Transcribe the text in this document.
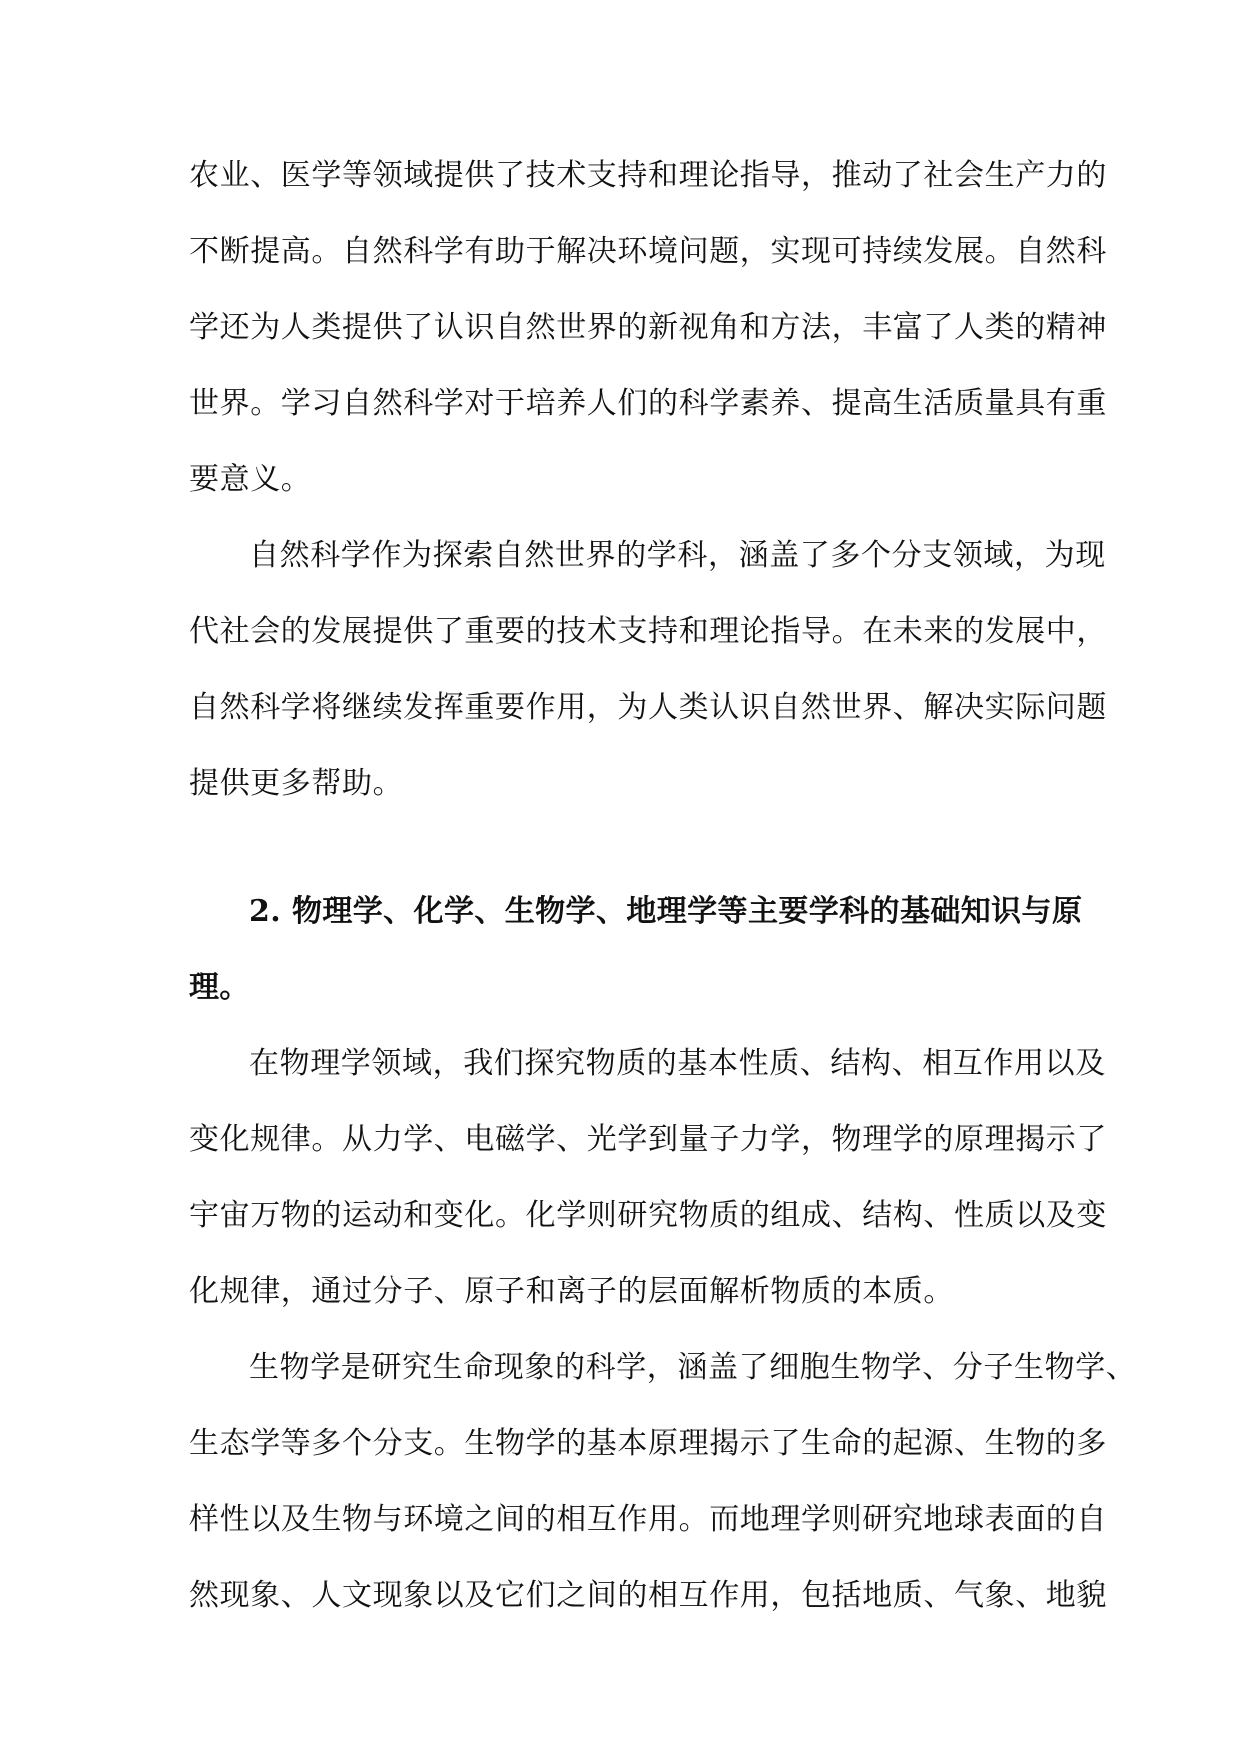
农业、医学等领域提供了技术支持和理论指导，推动了社会生产力的
不断提高。自然科学有助于解决环境问题，实现可持续发展。自然科
学还为人类提供了认识自然世界的新视角和方法，丰富了人类的精神
世界。学习自然科学对于培养人们的科学素养、提高生活质量具有重
要意义。
自然科学作为探索自然世界的学科，涵盖了多个分支领域，为现
代社会的发展提供了重要的技术支持和理论指导。在未来的发展中，
自然科学将继续发挥重要作用，为人类认识自然世界、解决实际问题
提供更多帮助。
2. 物理学、化学、生物学、地理学等主要学科的基础知识与原
理。
在物理学领域，我们探究物质的基本性质、结构、相互作用以及
变化规律。从力学、电磁学、光学到量子力学，物理学的原理揭示了
宇宙万物的运动和变化。化学则研究物质的组成、结构、性质以及变
化规律，通过分子、原子和离子的层面解析物质的本质。
生物学是研究生命现象的科学，涵盖了细胞生物学、分子生物学、
生态学等多个分支。生物学的基本原理揭示了生命的起源、生物的多
样性以及生物与环境之间的相互作用。而地理学则研究地球表面的自
然现象、人文现象以及它们之间的相互作用，包括地质、气象、地貌
